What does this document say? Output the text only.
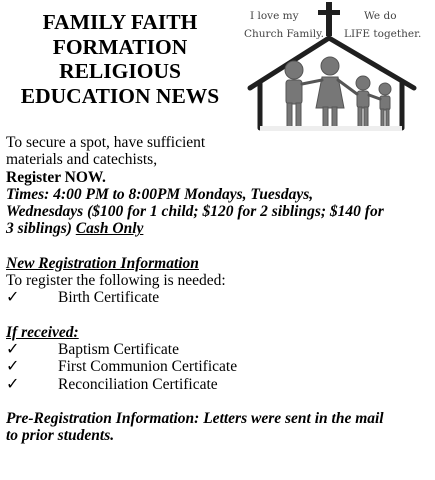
FAMILY FAITH
FORMATION
RELIGIOUS
EDUCATION NEWS
I love my
Church Family.
We do
LIFE together.

To secure a spot, have sufficient

materials and catechists,

Register NOW.

Times: 4:00 PM to 8:00PM Mondays, Tuesdays,

Wednesdays ($100 for 1 child; $120 for 2 siblings; $140 for

3 siblings) Cash Only

New Registration Information

To register the following is needed:

✓	Birth Certificate

If received:

✓	Baptism Certificate
✓	First Communion Certificate
✓	Reconciliation Certificate

Pre-Registration Information: Letters were sent in the mail

to prior students.
